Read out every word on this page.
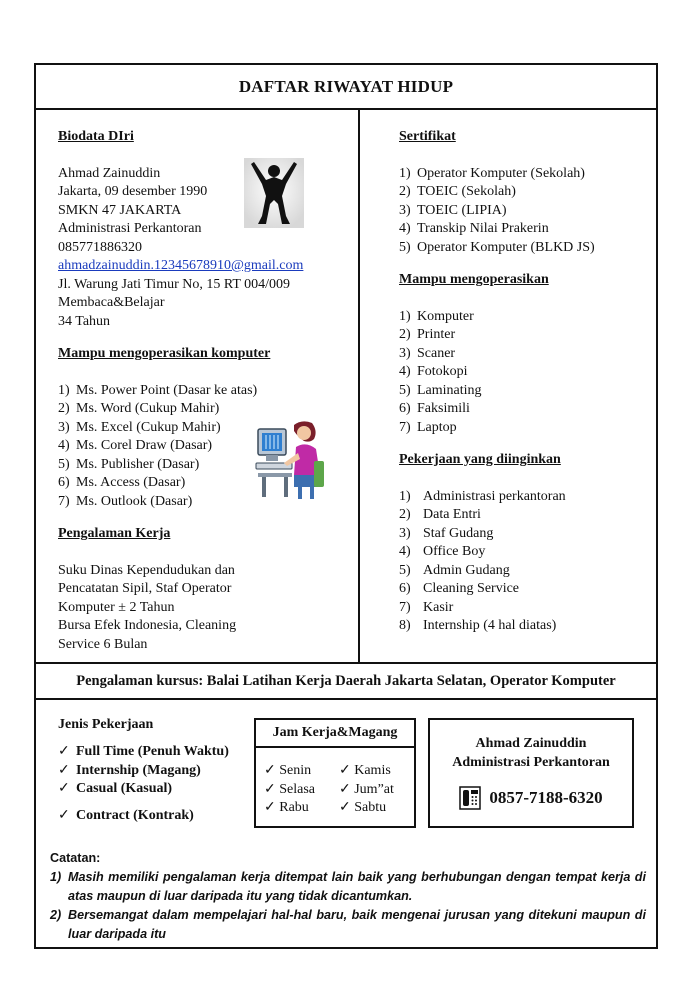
DAFTAR RIWAYAT HIDUP

Biodata DIri

Ahmad Zainuddin
Jakarta, 09 desember 1990
SMKN 47 JAKARTA
Administrasi Perkantoran
085771886320
ahmadzainuddin.12345678910@gmail.com
Jl. Warung Jati Timur No, 15 RT 004/009
Membaca&Belajar
34 Tahun

Mampu mengoperasikan komputer

1) Ms. Power Point (Dasar ke atas)
2) Ms. Word (Cukup Mahir)
3) Ms. Excel (Cukup Mahir)
4) Ms. Corel Draw (Dasar)
5) Ms. Publisher (Dasar)
6) Ms. Access (Dasar)
7) Ms. Outlook (Dasar)

Pengalaman Kerja

Suku Dinas Kependudukan dan
Pencatatan Sipil, Staf Operator
Komputer ± 2 Tahun
Bursa Efek Indonesia, Cleaning
Service 6 Bulan

Sertifikat

1) Operator Komputer (Sekolah)
2) TOEIC (Sekolah)
3) TOEIC (LIPIA)
4) Transkip Nilai Prakerin
5) Operator Komputer (BLKD JS)

Mampu mengoperasikan

1) Komputer
2) Printer
3) Scaner
4) Fotokopi
5) Laminating
6) Faksimili
7) Laptop

Pekerjaan yang diinginkan

1) Administrasi perkantoran
2) Data Entri
3) Staf Gudang
4) Office Boy
5) Admin Gudang
6) Cleaning Service
7) Kasir
8) Internship (4 hal diatas)
Pengalaman kursus: Balai Latihan Kerja Daerah Jakarta Selatan, Operator Komputer
Jenis Pekerjaan
✓ Full Time (Penuh Waktu)
✓ Internship (Magang)
✓ Casual (Kasual)
✓ Contract (Kontrak)
Jam Kerja&Magang
✓ Senin	✓ Kamis
✓ Selasa	✓ Jum”at
✓ Rabu	✓ Sabtu
Ahmad Zainuddin
Administrasi Perkantoran
0857-7188-6320
Catatan:
1) Masih memiliki pengalaman kerja ditempat lain baik yang berhubungan dengan tempat kerja di atas maupun di luar daripada itu yang tidak dicantumkan.
2) Bersemangat dalam mempelajari hal-hal baru, baik mengenai jurusan yang ditekuni maupun di luar daripada itu
